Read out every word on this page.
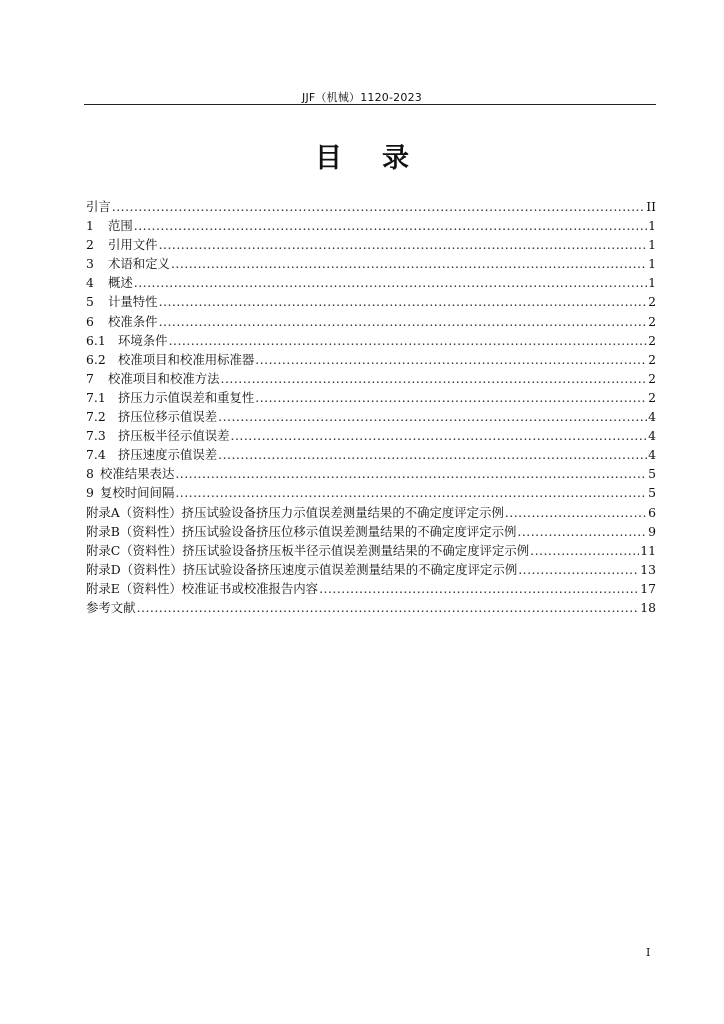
JJF（机械）1120-2023
目录
引言 .....	II
1	范围 .....	1
2	引用文件 .....	1
3	术语和定义 .....	1
4	概述 .....	1
5	计量特性 .....	2
6	校准条件 .....	2
6.1 环境条件 .....	2
6.2 校准项目和校准用标准器 .....	2
7	校准项目和校准方法 .....	2
7.1 挤压力示值误差和重复性 .....	2
7.2 挤压位移示值误差 .....	4
7.3 挤压板半径示值误差 .....	4
7.4 挤压速度示值误差 .....	4
8 校准结果表达 .....	5
9 复校时间间隔 .....	5
附录A（资料性）挤压试验设备挤压力示值误差测量结果的不确定度评定示例 .....	6
附录B（资料性）挤压试验设备挤压位移示值误差测量结果的不确定度评定示例 .....	9
附录C（资料性）挤压试验设备挤压板半径示值误差测量结果的不确定度评定示例 .....	11
附录D（资料性）挤压试验设备挤压速度示值误差测量结果的不确定度评定示例 .....	13
附录E（资料性）校准证书或校准报告内容 .....	17
参考文献 .....	18
I
